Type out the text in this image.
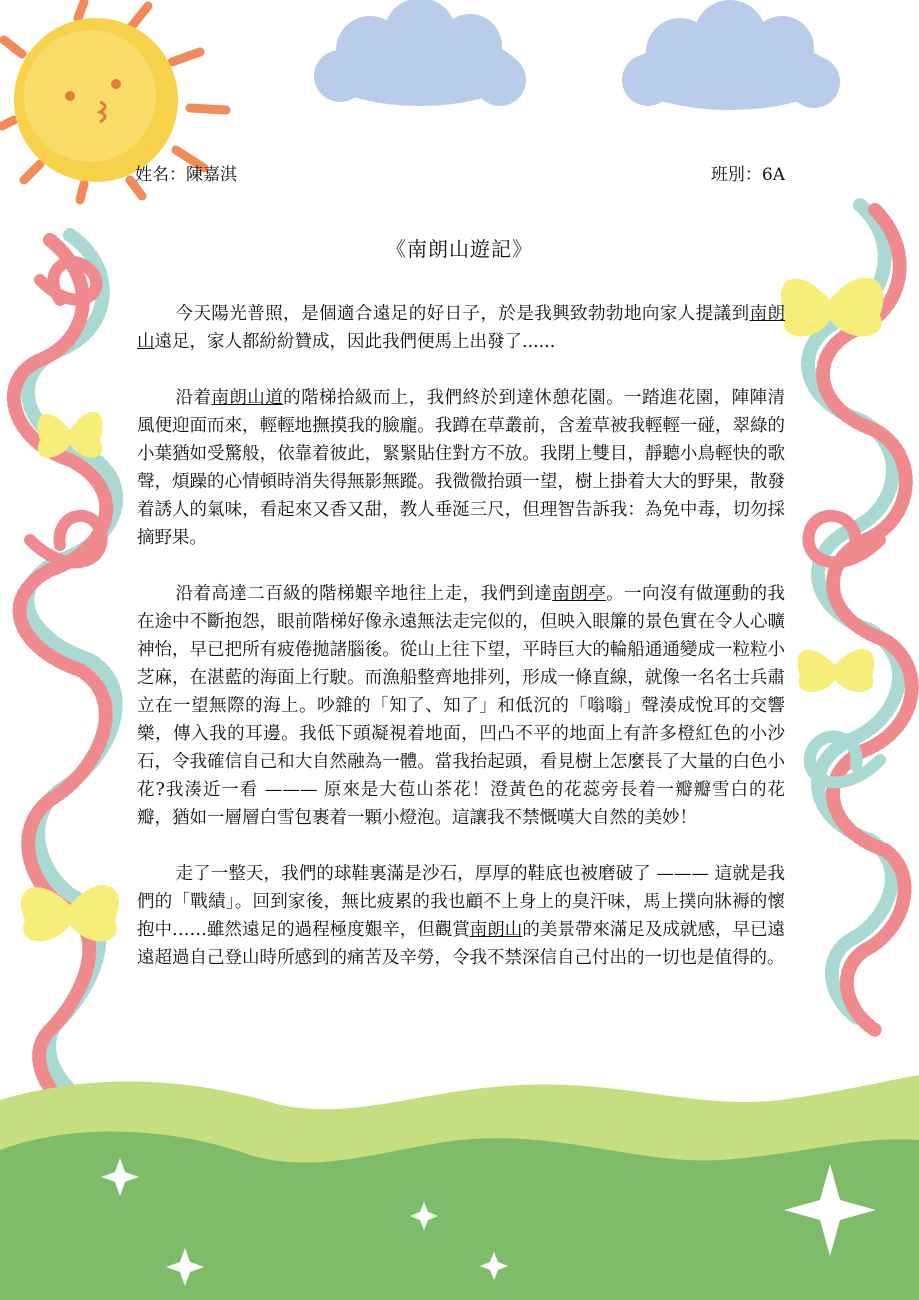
姓名：陳嘉淇	班別：6A
《南朗山遊記》

今天陽光普照，是個適合遠足的好日子，於是我興致勃勃地向家人提議到南朗山遠足，家人都紛紛贊成，因此我們便馬上出發了......

沿着南朗山道的階梯拾級而上，我們終於到達休憩花園。一踏進花園，陣陣清風便迎面而來，輕輕地撫摸我的臉龐。我蹲在草叢前，含羞草被我輕輕一碰，翠綠的小葉猶如受驚般，依靠着彼此，緊緊貼住對方不放。我閉上雙目，靜聽小鳥輕快的歌聲，煩躁的心情頓時消失得無影無蹤。我微微抬頭一望，樹上掛着大大的野果，散發着誘人的氣味，看起來又香又甜，教人垂涎三尺，但理智告訴我：為免中毒，切勿採摘野果。

沿着高達二百級的階梯艱辛地往上走，我們到達南朗亭。一向沒有做運動的我在途中不斷抱怨，眼前階梯好像永遠無法走完似的，但映入眼簾的景色實在令人心曠神怡，早已把所有疲倦拋諸腦後。從山上往下望，平時巨大的輪船通通變成一粒粒小芝麻，在湛藍的海面上行駛。而漁船整齊地排列，形成一條直線，就像一名名士兵肅立在一望無際的海上。吵雜的「知了、知了」和低沉的「嗡嗡」聲湊成悅耳的交響樂，傳入我的耳邊。我低下頭凝視着地面，凹凸不平的地面上有許多橙紅色的小沙石，令我確信自己和大自然融為一體。當我抬起頭，看見樹上怎麼長了大量的白色小花?我湊近一看 ——— 原來是大苞山茶花！澄黃色的花蕊旁長着一瓣瓣雪白的花瓣，猶如一層層白雪包裹着一顆小燈泡。這讓我不禁慨嘆大自然的美妙！

走了一整天，我們的球鞋裏滿是沙石，厚厚的鞋底也被磨破了 ——— 這就是我們的「戰績」。回到家後，無比疲累的我也顧不上身上的臭汗味，馬上撲向牀褥的懷抱中……雖然遠足的過程極度艱辛，但觀賞南朗山的美景帶來滿足及成就感，早已遠遠超過自己登山時所感到的痛苦及辛勞，令我不禁深信自己付出的一切也是值得的。
